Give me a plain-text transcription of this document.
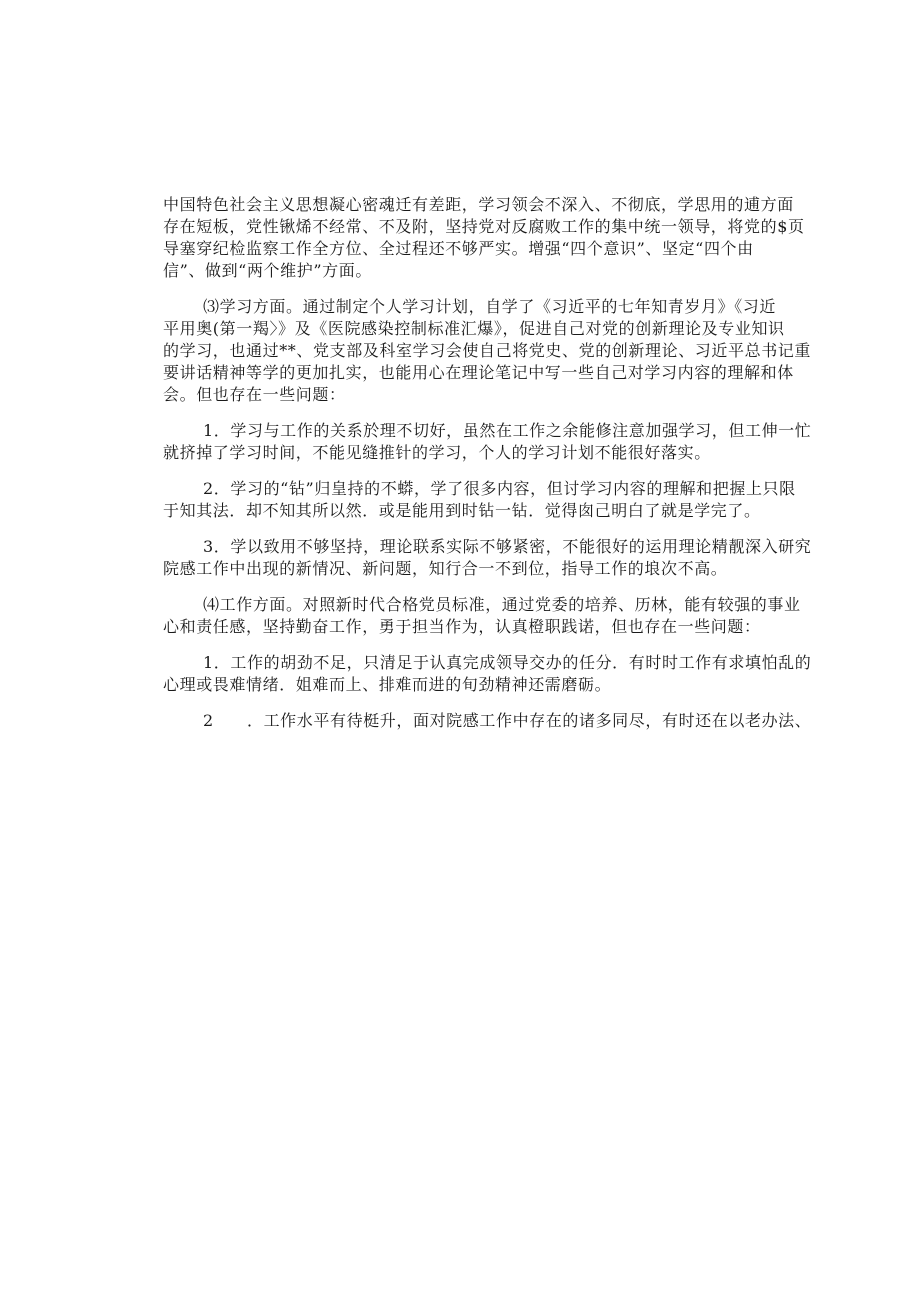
中国特色社会主义思想凝心密魂迁有差距，学习领会不深入、不彻底，学思用的逋方面
存在短板，党性锹烯不经常、不及附，坚持党对反腐败工作的集中统一领导，将党的$页
导塞穿纪检监察工作全方位、全过程还不够严实。增强“四个意识”、坚定“四个由
信”、做到“两个维护”方面。
⑶学习方面。通过制定个人学习计划，自学了《习近平的七年知青岁月》《习近
平用奥(第一羯〉》及《医院感染控制标准汇爆》，促进自己对党的创新理论及专业知识
的学习，也通过**、党支部及科室学习会使自己将党史、党的创新理论、习近平总书记重
要讲话精神等学的更加扎实，也能用心在理论笔记中写一些自己对学习内容的理解和体
会。但也存在一些问题：
1．学习与工作的关系於理不切好，虽然在工作之余能修注意加强学习，但工伸一忙
就挤掉了学习时间，不能见缝推针的学习，个人的学习计划不能很好落实。
2．学习的“钻”归皇持的不蟒，学了很多内容，但讨学习内容的理解和把握上只限
于知其法．却不知其所以然．或是能用到时钻一钻．觉得囱己明白了就是学完了。
3．学以致用不够坚持，理论联系实际不够紧密，不能很好的运用理论精靓深入研究
院感工作中出现的新情况、新问题，知行合一不到位，指导工作的埌次不高。
⑷工作方面。对照新时代合格党员标准，通过党委的培养、历林，能有较强的事业
心和责任感，坚持勤奋工作，勇于担当作为，认真橙职践诺，但也存在一些问题：
1．工作的胡劲不足，只清足于认真完成领导交办的任分．有时时工作有求填怕乱的
心理或畏难情绪．姐难而上、排难而进的旬劲精神还需磨砺。
2　　．工作水平有待梃升，面对院感工作中存在的诸多同尽，有时还在以老办法、
